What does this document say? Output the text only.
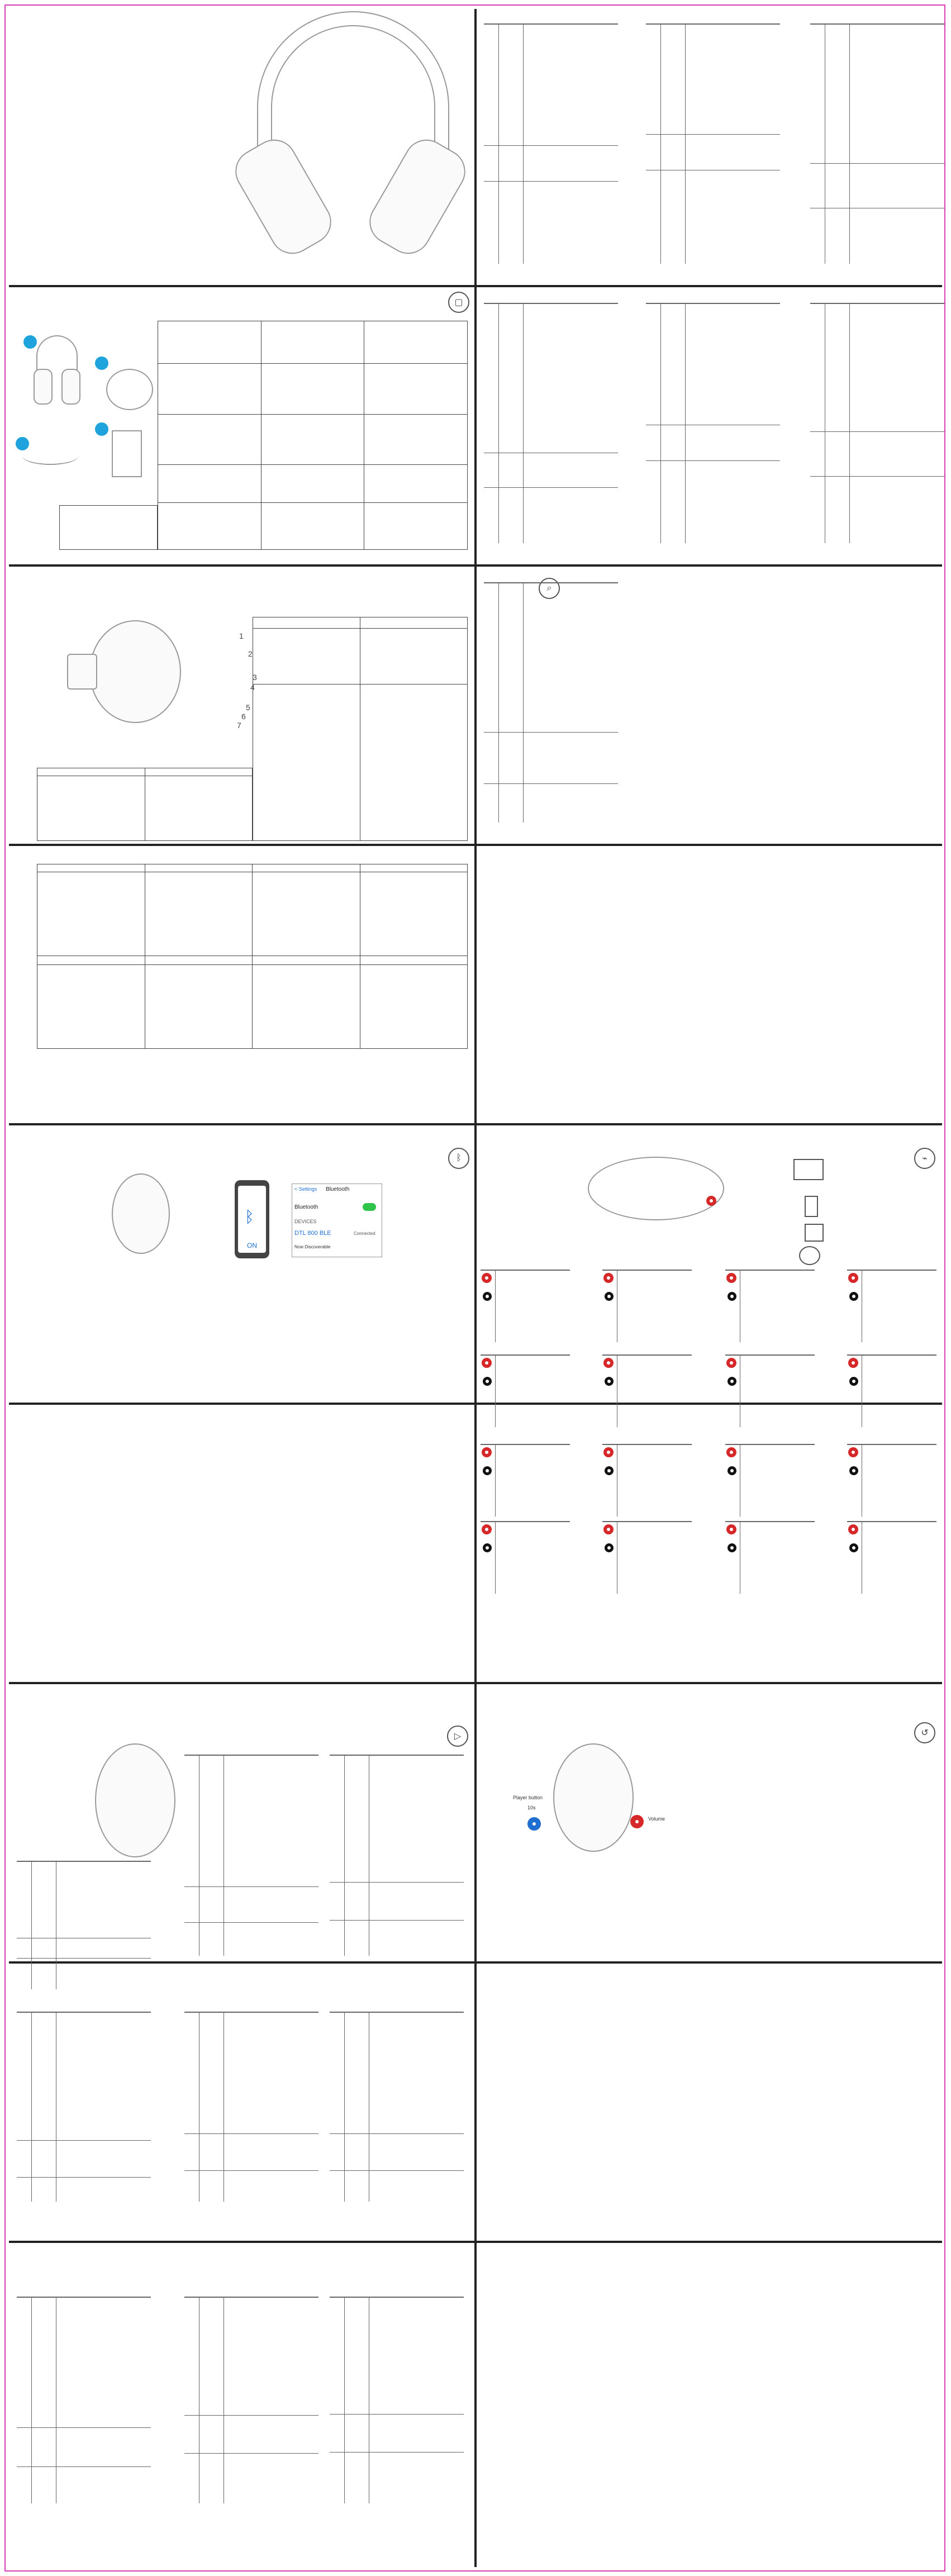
▢

⌕
1
2
3
4
5
6
7

ᛒ
ᛒ
ON
< Settings Bluetooth
Bluetooth
DEVICES
DTL 800 BLE	Connected
Now Discoverable
⌁
▷	↺
Player button
10s
Volume
